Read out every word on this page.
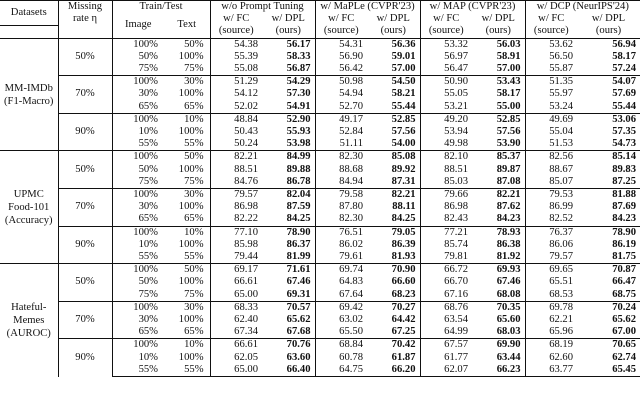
Datasets	Missing	Train/Test		w/o Prompt Tuning		w/ MaPLe (CVPR'23)		w/ MAP (CVPR'23)		w/ DCP (NeurIPS'24)	
	rate η	Image	Text	w/ FC	w/ DPL	w/ FC	w/ DPL	w/ FC	w/ DPL	w/ FC	w/ DPL
				(source)	(ours)	(source)	(ours)	(source)	(ours)	(source)	(ours)

MM-IMDb
(F1-Macro)	50%	100%	50%	54.38	56.17	54.31	56.36	53.32	56.03	53.62	56.94
		50%	100%	55.39	58.33	56.90	59.01	56.97	58.91	56.50	58.17
		75%	75%	55.08	56.87	56.42	57.00	56.47	57.00	55.87	57.24
	70%	100%	30%	51.29	54.29	50.98	54.50	50.90	53.43	51.35	54.07
		30%	100%	54.12	57.30	54.94	58.21	55.05	58.17	55.97	57.69
		65%	65%	52.02	54.91	52.70	55.44	53.21	55.00	53.24	55.44
	90%	100%	10%	48.84	52.90	49.17	52.85	49.20	52.85	49.69	53.06
		10%	100%	50.43	55.93	52.84	57.56	53.94	57.56	55.04	57.35
		55%	55%	50.24	53.98	51.11	54.00	49.98	53.90	51.53	54.73

UPMC
Food-101
(Accuracy)	50%	100%	50%	82.21	84.99	82.30	85.08	82.10	85.37	82.56	85.14
		50%	100%	88.51	89.88	88.68	89.92	88.51	89.87	88.67	89.83
		75%	75%	84.76	86.78	84.94	87.31	85.03	87.08	85.07	87.25
	70%	100%	30%	79.57	82.04	79.58	82.21	79.66	82.21	79.53	81.88
		30%	100%	86.98	87.59	87.80	88.11	86.98	87.62	86.99	87.69
		65%	65%	82.22	84.25	82.30	84.25	82.43	84.23	82.52	84.23
	90%	100%	10%	77.10	78.90	76.51	79.05	77.21	78.93	76.37	78.90
		10%	100%	85.98	86.37	86.02	86.39	85.74	86.38	86.06	86.19
		55%	55%	79.44	81.99	79.61	81.93	79.81	81.92	79.57	81.75

Hateful-
Memes
(AUROC)	50%	100%	50%	69.17	71.61	69.74	70.90	66.72	69.93	69.65	70.87
		50%	100%	66.61	67.46	64.83	66.60	66.70	67.46	65.51	66.47
		75%	75%	65.00	69.31	67.64	68.23	67.16	68.08	68.53	68.75
	70%	100%	30%	68.33	70.57	69.42	70.27	68.76	70.35	69.78	70.24
		30%	100%	62.40	65.62	63.02	64.42	63.54	65.60	62.21	65.62
		65%	65%	67.34	67.68	65.50	67.25	64.99	68.03	65.96	67.00
	90%	100%	10%	66.61	70.76	68.84	70.42	67.57	69.90	68.19	70.65
		10%	100%	62.05	63.60	60.78	61.87	61.77	63.44	62.60	62.74
		55%	55%	65.00	66.40	64.75	66.20	62.07	66.23	63.77	65.45
